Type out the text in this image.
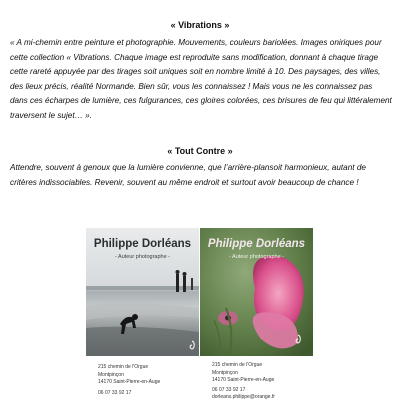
« Vibrations »

« A mi-chemin entre peinture et photographie. Mouvements, couleurs bariolées. Images oniriques pour cette collection « Vibrations. Chaque image est reproduite sans modification, donnant à chaque tirage cette rareté appuyée par des tirages soit uniques soit en nombre limité à 10. Des paysages, des villes, des lieux précis, réalité Normande. Bien sûr, vous les connaissez ! Mais vous ne les connaissez pas dans ces écharpes de lumière, ces fulgurances, ces gloires colorées, ces brisures de feu qui littéralement traversent le sujet… ».

« Tout Contre »

Attendre, souvent à genoux que la lumière convienne, que l’arrière-plansoit harmonieux, autant de critères indissociables. Revenir, souvent au même endroit et surtout avoir beaucoup de chance !

Philippe Dorléans
- Auteur photographe -
215 chemin de l'Orgue
Montpinçon
14170 Saint-Pierre-en-Auge
06 07 33 92 17
Philippe Dorléans
- Auteur photographe -
215 chemin de l'Orgue
Montpinçon
14170 Saint-Pierre-en-Auge
06 07 33 92 17
dorleans.philippe@orange.fr
